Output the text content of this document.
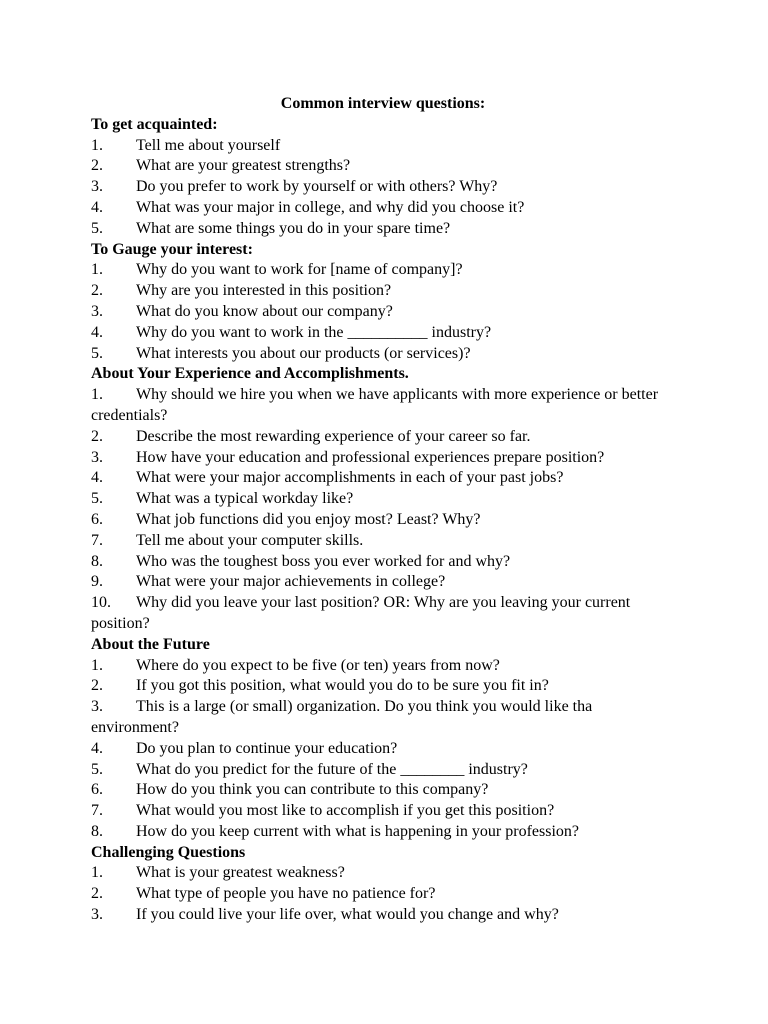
Common interview questions:
To get acquainted:
1. Tell me about yourself
2. What are your greatest strengths?
3. Do you prefer to work by yourself or with others? Why?
4. What was your major in college, and why did you choose it?
5. What are some things you do in your spare time?
To Gauge your interest:
1. Why do you want to work for [name of company]?
2. Why are you interested in this position?
3. What do you know about our company?
4. Why do you want to work in the __________ industry?
5. What interests you about our products (or services)?
About Your Experience and Accomplishments.
1. Why should we hire you when we have applicants with more experience or better credentials?
2. Describe the most rewarding experience of your career so far.
3. How have your education and professional experiences prepare position?
4. What were your major accomplishments in each of your past jobs?
5. What was a typical workday like?
6. What job functions did you enjoy most? Least? Why?
7. Tell me about your computer skills.
8. Who was the toughest boss you ever worked for and why?
9. What were your major achievements in college?
10. Why did you leave your last position? OR: Why are you leaving your current position?
About the Future
1. Where do you expect to be five (or ten) years from now?
2. If you got this position, what would you do to be sure you fit in?
3. This is a large (or small) organization. Do you think you would like tha environment?
4. Do you plan to continue your education?
5. What do you predict for the future of the ________ industry?
6. How do you think you can contribute to this company?
7. What would you most like to accomplish if you get this position?
8. How do you keep current with what is happening in your profession?
Challenging Questions
1. What is your greatest weakness?
2. What type of people you have no patience for?
3. If you could live your life over, what would you change and why?
